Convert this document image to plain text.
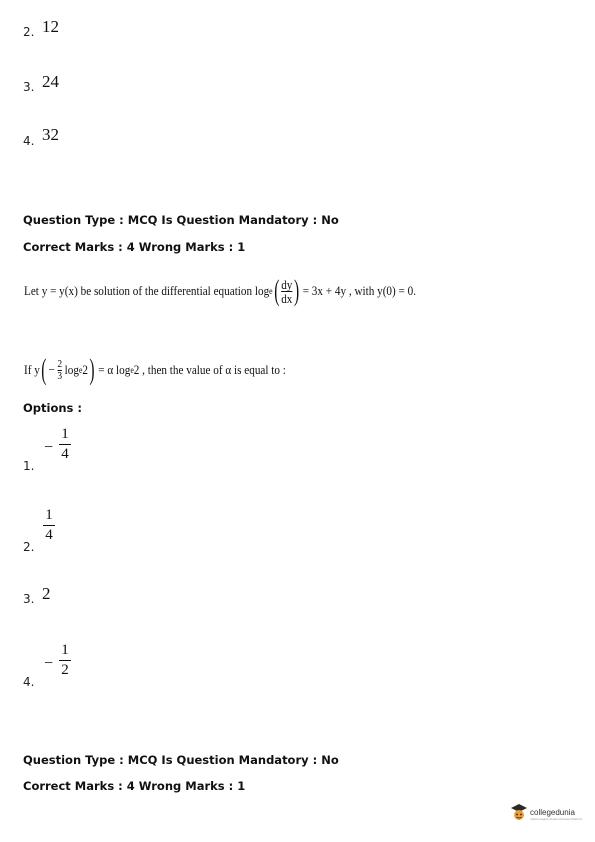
2. 12
3. 24
4. 32
Question Type : MCQ Is Question Mandatory : No
Correct Marks : 4 Wrong Marks : 1
Let y = y(x) be solution of the differential equation log e ( $\frac{dy}{dx}$ ) = 3x + 4y , with y(0) = 0.
If y ( − $\frac{2}{3}$ log e 2 ) = α log e 2 , then the value of α is equal to :
Options :
1.
−
1
4
2.
1
4
3. 2
4.
−
1
2
Question Type : MCQ Is Question Mandatory : No
Correct Marks : 4 Wrong Marks : 1
collegedunia
India's largest Student Review Platform
